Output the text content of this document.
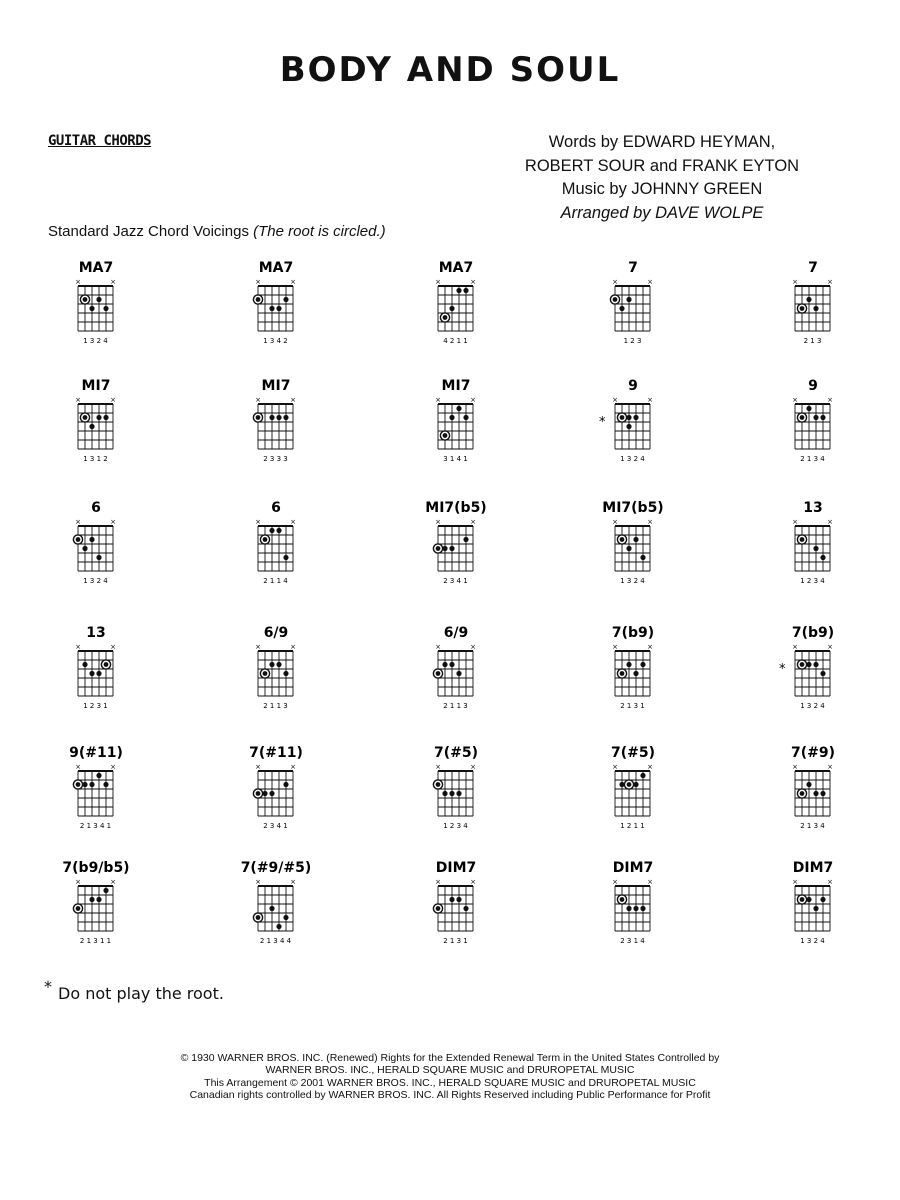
BODY AND SOUL
GUITAR CHORDS	Words by EDWARD HEYMAN,
ROBERT SOUR and FRANK EYTON
Music by JOHNNY GREEN
Arranged by DAVE WOLPE
Standard Jazz Chord Voicings (The root is circled.)
MA7
×	×
1 3 2 4
MA7
×	×
1 3 4 2
MA7
×	×
4 2 1 1
7
×	×
1 2 3
7
×	×
2 1 3
MI7
×	×
1 3 1 2
MI7
×	×
2 3 3 3
MI7
×	×
3 1 4 1
9
×	×
*
1 3 2 4
9
×	×
2 1 3 4
6
×	×
1 3 2 4
6
×	×
2 1 1 4
MI7(b5)
×	×
2 3 4 1
MI7(b5)
×	×
1 3 2 4
13
×	×
1 2 3 4
13
×	×
1 2 3 1
6/9
×	×
2 1 1 3
6/9
×	×
2 1 1 3
7(b9)
×	×
2 1 3 1
7(b9)
×	×
*
1 3 2 4
9(#11)
×	×
2 1 3 4 1
7(#11)
×	×
2 3 4 1
7(#5)
×	×
1 2 3 4
7(#5)
×	×
1 2 1 1
7(#9)
×	×
2 1 3 4
7(b9/b5)
×	×
2 1 3 1 1
7(#9/#5)
×	×
2 1 3 4 4
DIM7
×	×
2 1 3 1
DIM7
×	×
2 3 1 4
DIM7
×	×
1 3 2 4
* Do not play the root.
© 1930 WARNER BROS. INC. (Renewed) Rights for the Extended Renewal Term in the United States Controlled by
WARNER BROS. INC., HERALD SQUARE MUSIC and DRUROPETAL MUSIC
This Arrangement © 2001 WARNER BROS. INC., HERALD SQUARE MUSIC and DRUROPETAL MUSIC
Canadian rights controlled by WARNER BROS. INC. All Rights Reserved including Public Performance for Profit
